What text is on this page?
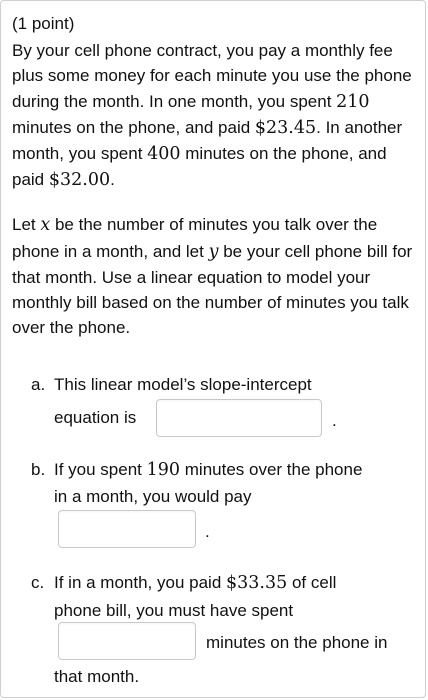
(1 point)

By your cell phone contract, you pay a monthly fee plus some money for each minute you use the phone during the month. In one month, you spent 210 minutes on the phone, and paid $23.45. In another month, you spent 400 minutes on the phone, and paid $32.00.

Let x be the number of minutes you talk over the phone in a month, and let y be your cell phone bill for that month. Use a linear equation to model your monthly bill based on the number of minutes you talk over the phone.

a. This linear model’s slope-intercept
equation is	.
b. If you spent 190 minutes over the phone
in a month, you would pay
.
c. If in a month, you paid $33.35 of cell
phone bill, you must have spent
minutes on the phone in
that month.
